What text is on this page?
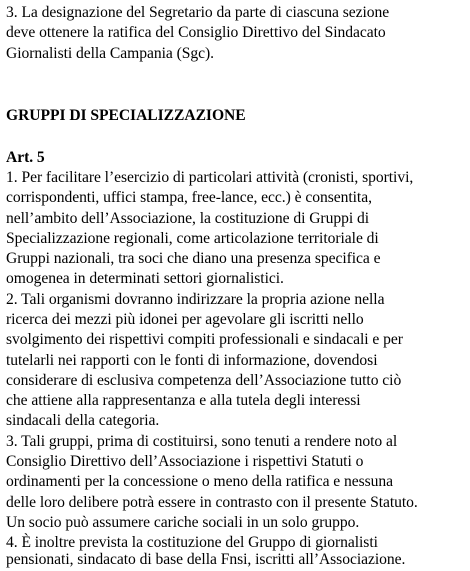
3. La designazione del Segretario da parte di ciascuna sezione
deve ottenere la ratifica del Consiglio Direttivo del Sindacato
Giornalisti della Campania (Sgc).
GRUPPI DI SPECIALIZZAZIONE
Art. 5
1. Per facilitare l’esercizio di particolari attività (cronisti, sportivi,
corrispondenti, uffici stampa, free-lance, ecc.) è consentita,
nell’ambito dell’Associazione, la costituzione di Gruppi di
Specializzazione regionali, come articolazione territoriale di
Gruppi nazionali, tra soci che diano una presenza specifica e
omogenea in determinati settori giornalistici.
2. Tali organismi dovranno indirizzare la propria azione nella
ricerca dei mezzi più idonei per agevolare gli iscritti nello
svolgimento dei rispettivi compiti professionali e sindacali e per
tutelarli nei rapporti con le fonti di informazione, dovendosi
considerare di esclusiva competenza dell’Associazione tutto ciò
che attiene alla rappresentanza e alla tutela degli interessi
sindacali della categoria.
3. Tali gruppi, prima di costituirsi, sono tenuti a rendere noto al
Consiglio Direttivo dell’Associazione i rispettivi Statuti o
ordinamenti per la concessione o meno della ratifica e nessuna
delle loro delibere potrà essere in contrasto con il presente Statuto.
Un socio può assumere cariche sociali in un solo gruppo.
4. È inoltre prevista la costituzione del Gruppo di giornalisti
pensionati, sindacato di base della Fnsi, iscritti all’Associazione.
